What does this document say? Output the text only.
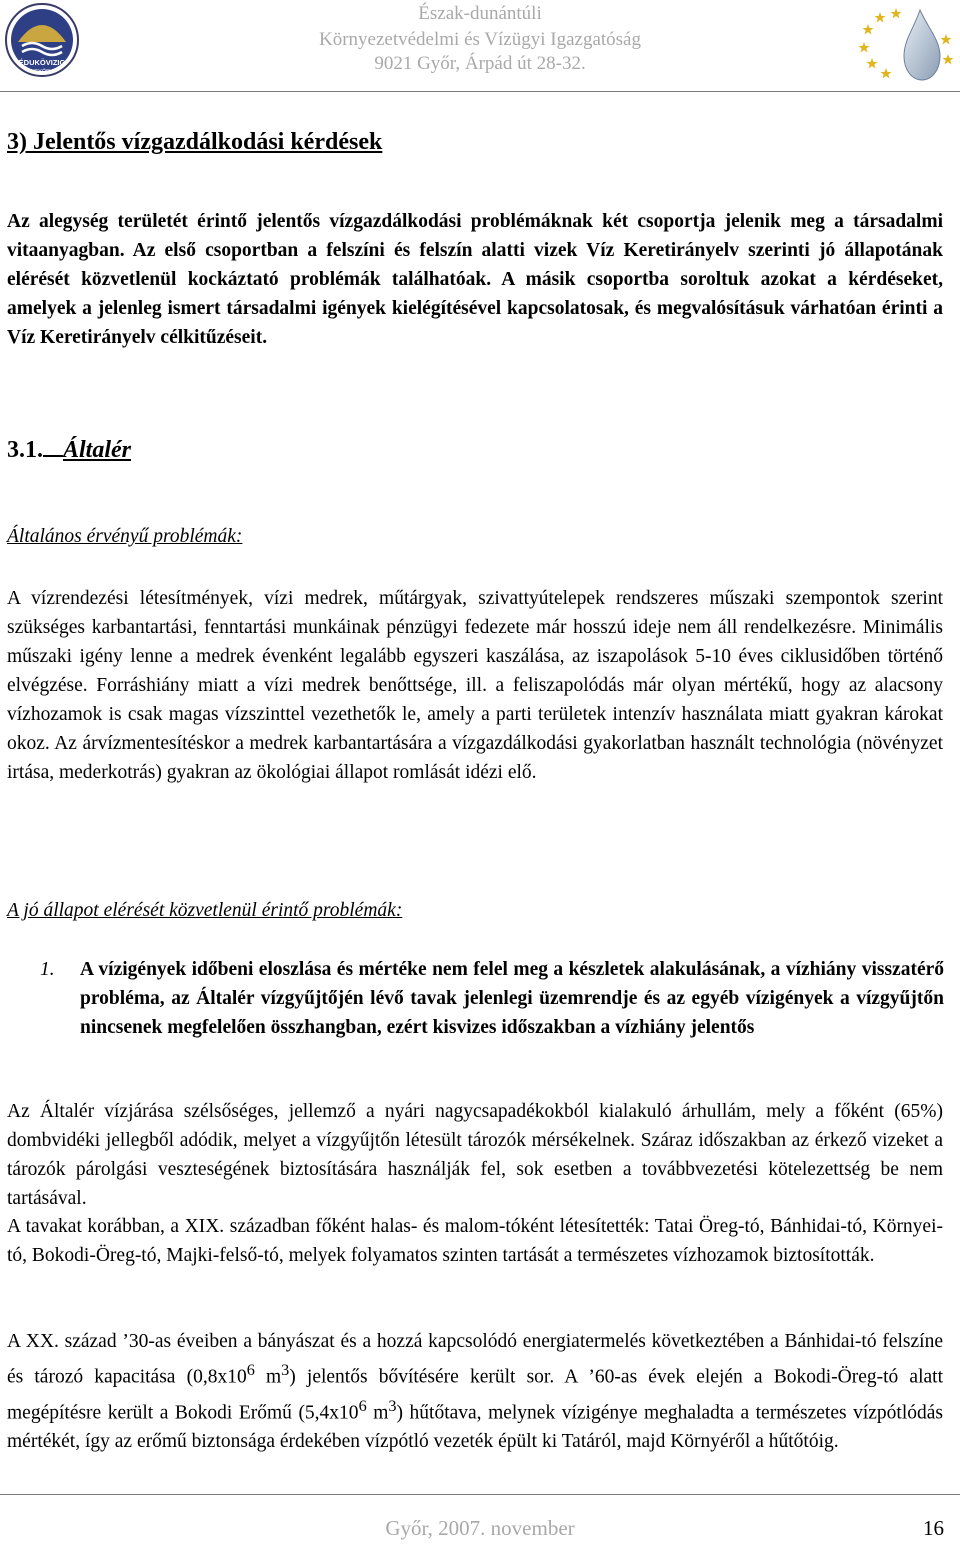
ÉDUKÖVIZIG
GYŐR
Észak-dunántúli
Környezetvédelmi és Vízügyi Igazgatóság
9021 Győr, Árpád út 28-32.
3) Jelentős vízgazdálkodási kérdések

Az alegység területét érintő jelentős vízgazdálkodási problémáknak két csoportja jelenik meg a társadalmi vitaanyagban. Az első csoportban a felszíni és felszín alatti vizek Víz Keretirányelv szerinti jó állapotának elérését közvetlenül kockáztató problémák találhatóak. A másik csoportba soroltuk azokat a kérdéseket, amelyek a jelenleg ismert társadalmi igények kielégítésével kapcsolatosak, és megvalósításuk várhatóan érinti a Víz Keretirányelv célkitűzéseit.

3.1. Általér

Általános érvényű problémák:

A vízrendezési létesítmények, vízi medrek, műtárgyak, szivattyútelepek rendszeres műszaki szempontok szerint szükséges karbantartási, fenntartási munkáinak pénzügyi fedezete már hosszú ideje nem áll rendelkezésre. Minimális műszaki igény lenne a medrek évenként legalább egyszeri kaszálása, az iszapolások 5-10 éves ciklusidőben történő elvégzése. Forráshiány miatt a vízi medrek benőttsége, ill. a feliszapolódás már olyan mértékű, hogy az alacsony vízhozamok is csak magas vízszinttel vezethetők le, amely a parti területek intenzív használata miatt gyakran károkat okoz. Az árvízmentesítéskor a medrek karbantartására a vízgazdálkodási gyakorlatban használt technológia (növényzet irtása, mederkotrás) gyakran az ökológiai állapot romlását idézi elő.

A jó állapot elérését közvetlenül érintő problémák:

1.	A vízigények időbeni eloszlása és mértéke nem felel meg a készletek alakulásának, a vízhiány visszatérő probléma, az Általér vízgyűjtőjén lévő tavak jelenlegi üzemrendje és az egyéb vízigények a vízgyűjtőn nincsenek megfelelően összhangban, ezért kisvizes időszakban a vízhiány jelentős

Az Általér vízjárása szélsőséges, jellemző a nyári nagycsapadékokból kialakuló árhullám, mely a főként (65%) dombvidéki jellegből adódik, melyet a vízgyűjtőn létesült tározók mérsékelnek. Száraz időszakban az érkező vizeket a tározók párolgási veszteségének biztosítására használják fel, sok esetben a továbbvezetési kötelezettség be nem tartásával.

A tavakat korábban, a XIX. században főként halas- és malom-tóként létesítették: Tatai Öreg-tó, Bánhidai-tó, Környei-tó, Bokodi-Öreg-tó, Majki-felső-tó, melyek folyamatos szinten tartását a természetes vízhozamok biztosították.

A XX. század ’30-as éveiben a bányászat és a hozzá kapcsolódó energiatermelés következtében a Bánhidai-tó felszíne és tározó kapacitása ($0,8x10^6$ $m^3$) jelentős bővítésére került sor. A ’60-as évek elején a Bokodi-Öreg-tó alatt megépítésre került a Bokodi Erőmű ($5,4x10^6$ $m^3$) hűtőtava, melynek vízigénye meghaladta a természetes vízpótlódás mértékét, így az erőmű biztonsága érdekében vízpótló vezeték épült ki Tatáról, majd Környéről a hűtőtóig.

Győr, 2007. november	16
